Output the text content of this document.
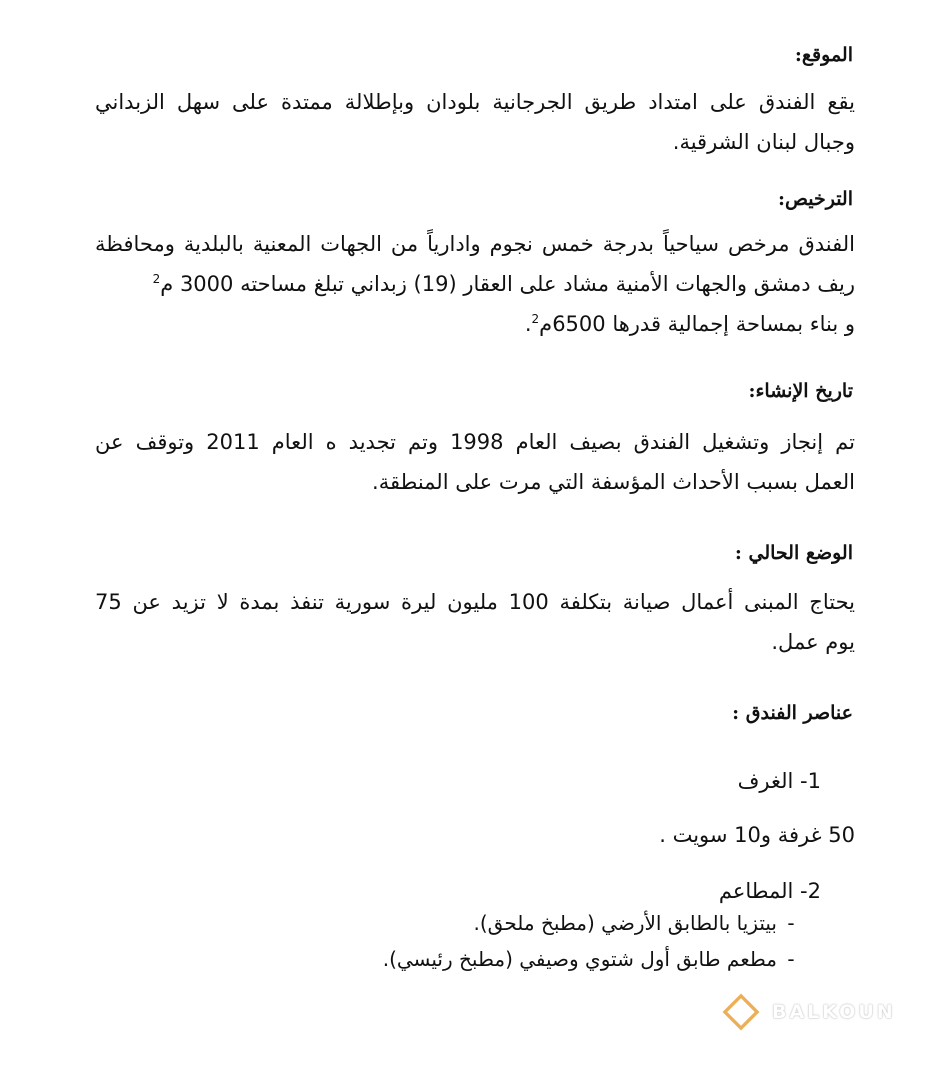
الموقع:
يقع الفندق على امتداد طريق الجرجانية بلودان وبإطلالة ممتدة على سهل الزبداني
وجبال لبنان الشرقية.
الترخيص:
الفندق مرخص سياحياً بدرجة خمس نجوم وادارياً من الجهات المعنية بالبلدية ومحافظة
ريف دمشق والجهات الأمنية مشاد على العقار (19) زبداني تبلغ مساحته 3000 م$^2$
و بناء بمساحة إجمالية قدرها 6500م$^2$.
تاريخ الإنشاء:
تم إنجاز وتشغيل الفندق بصيف العام 1998 وتم تجديد ه العام 2011 وتوقف عن
العمل بسبب الأحداث المؤسفة التي مرت على المنطقة.
الوضع الحالي :
يحتاج المبنى أعمال صيانة بتكلفة 100 مليون ليرة سورية تنفذ بمدة لا تزيد عن 75
يوم عمل.
عناصر الفندق :
1- الغرف
50 غرفة و10 سويت .
2- المطاعم
-بيتزيا بالطابق الأرضي (مطبخ ملحق).
-مطعم طابق أول شتوي وصيفي (مطبخ رئيسي).
BALKOUN
